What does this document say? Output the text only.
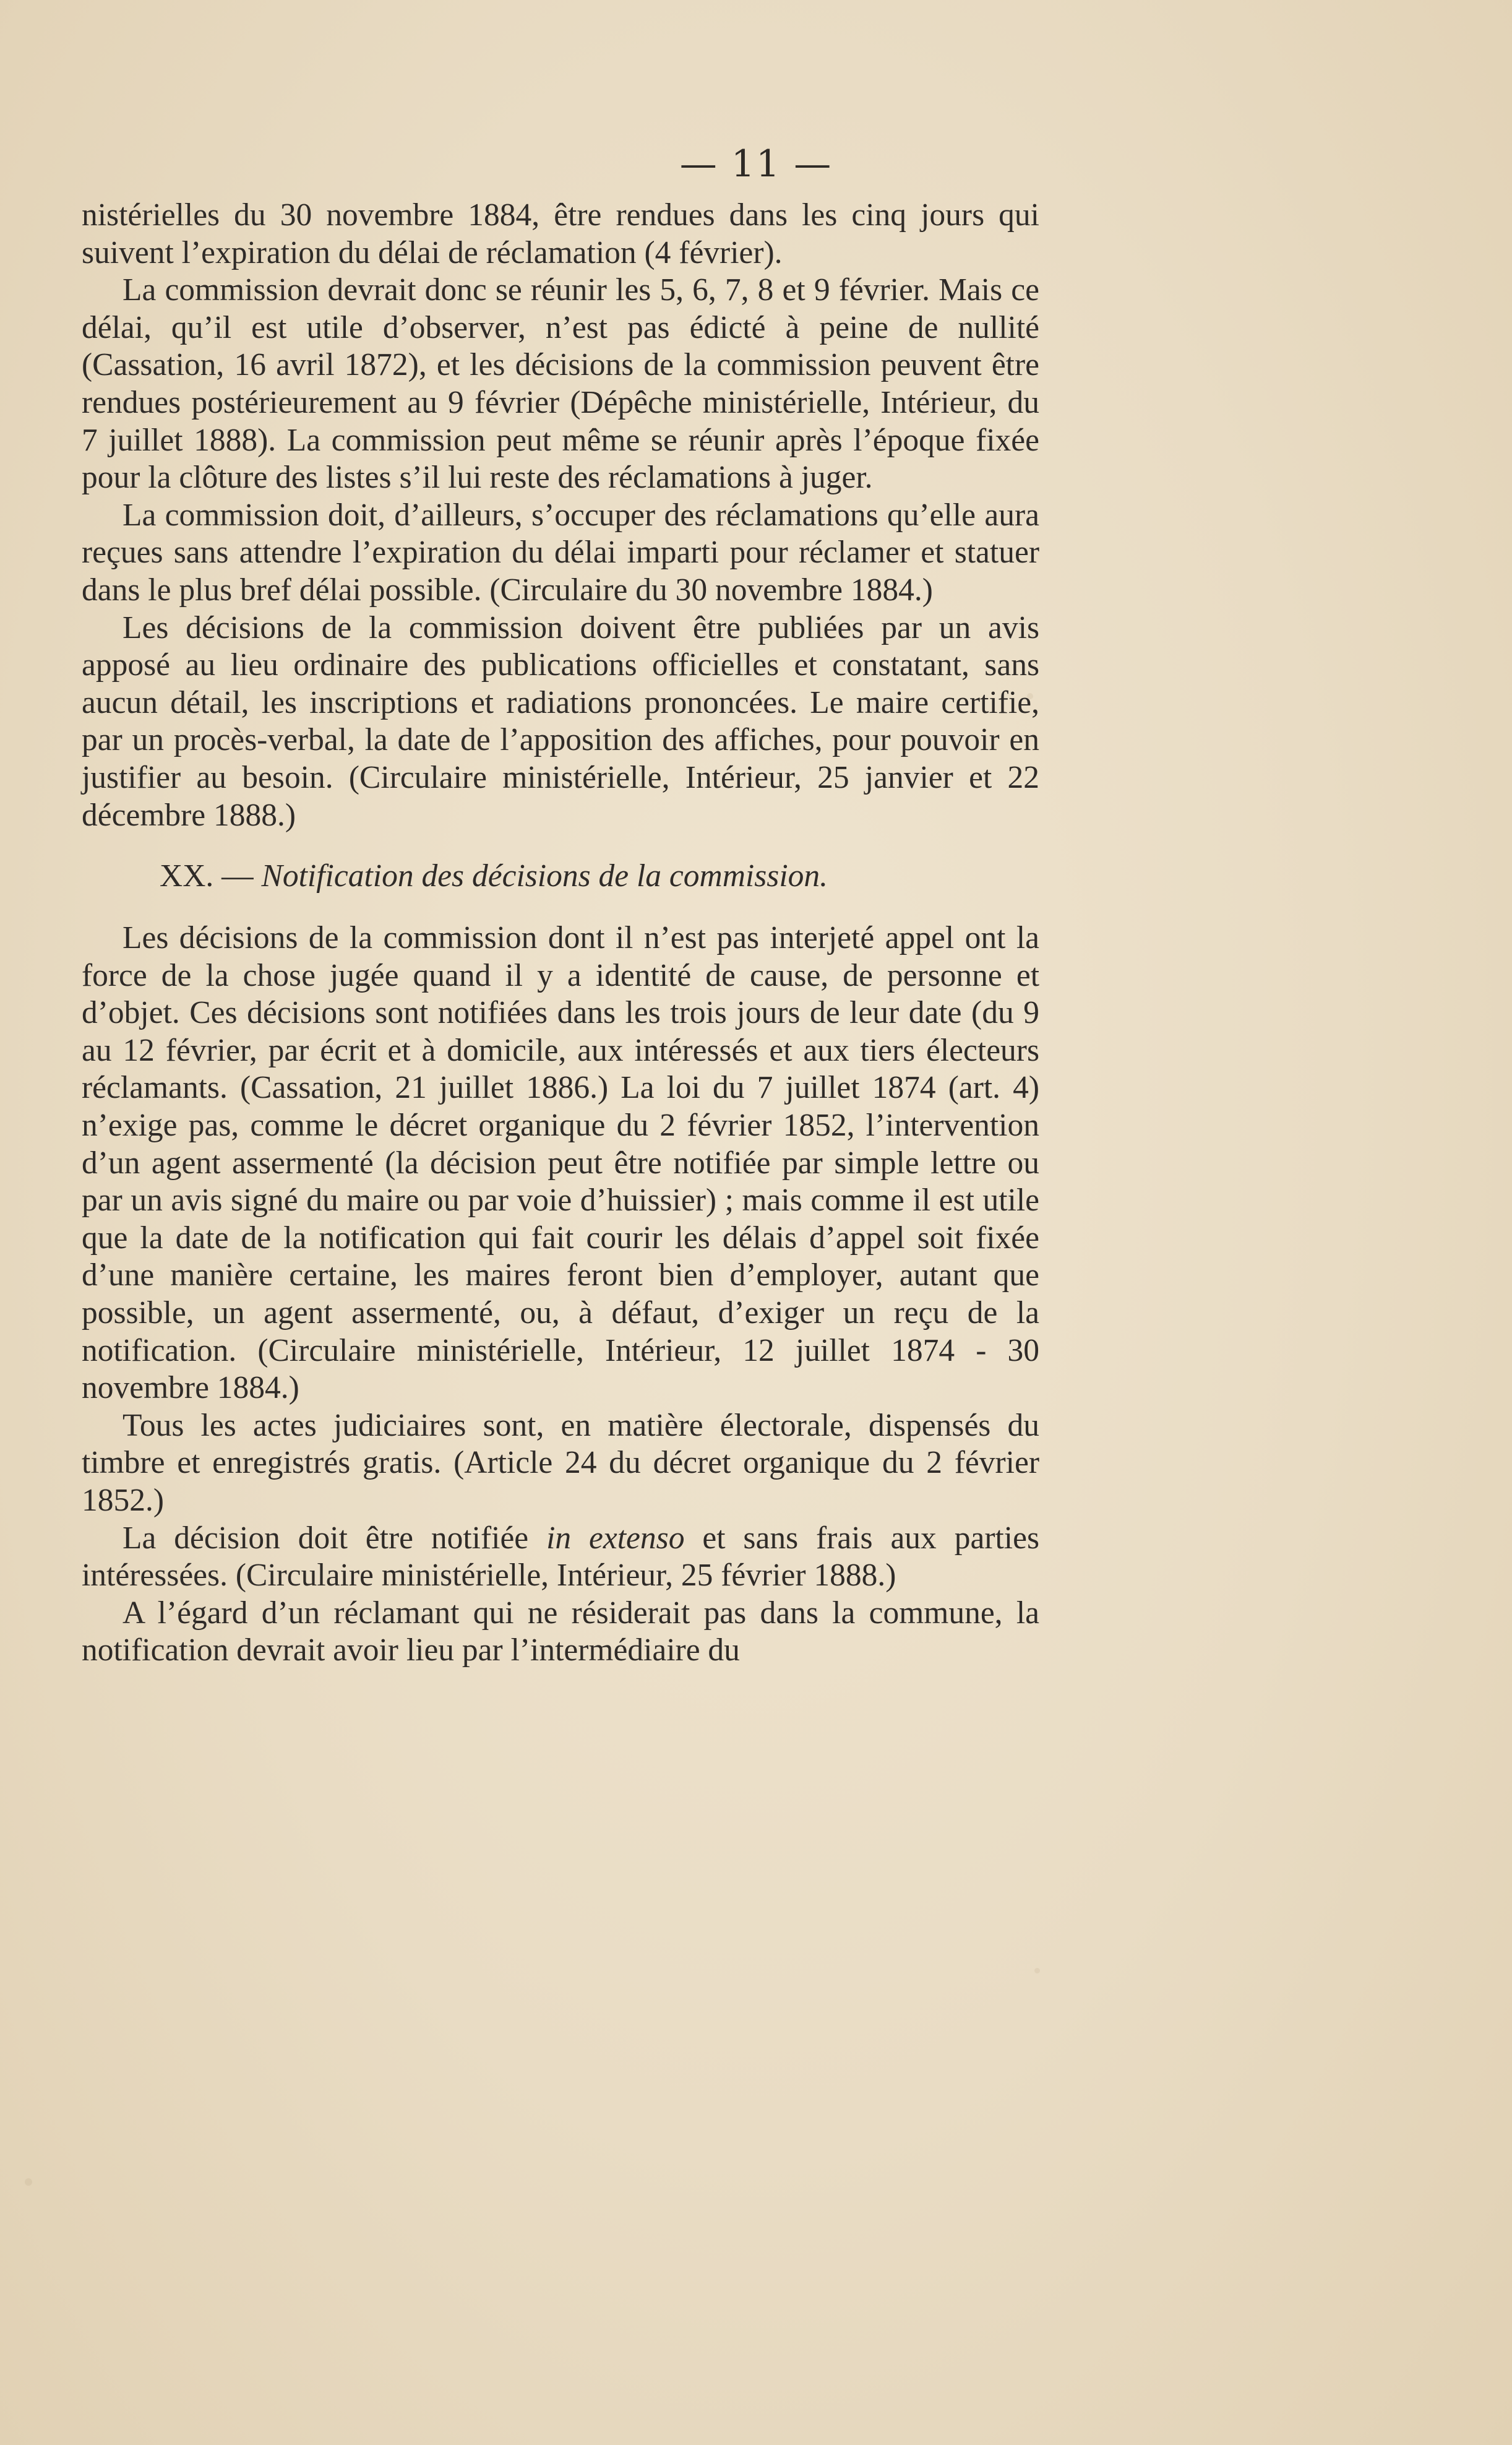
— 11 —

nistérielles du 30 novembre 1884, être rendues dans les cinq jours qui suivent l’expiration du délai de réclamation (4 février).

La commission devrait donc se réunir les 5, 6, 7, 8 et 9 février. Mais ce délai, qu’il est utile d’observer, n’est pas édicté à peine de nullité (Cassation, 16 avril 1872), et les décisions de la commission peuvent être rendues postérieurement au 9 février (Dépêche ministérielle, Intérieur, du 7 juillet 1888). La commission peut même se réunir après l’époque fixée pour la clôture des listes s’il lui reste des réclamations à juger.

La commission doit, d’ailleurs, s’occuper des réclamations qu’elle aura reçues sans attendre l’expiration du délai imparti pour réclamer et statuer dans le plus bref délai possible. (Circulaire du 30 novembre 1884.)

Les décisions de la commission doivent être publiées par un avis apposé au lieu ordinaire des publications officielles et constatant, sans aucun détail, les inscriptions et radiations prononcées. Le maire certifie, par un procès-verbal, la date de l’apposition des affiches, pour pouvoir en justifier au besoin. (Circulaire ministérielle, Intérieur, 25 janvier et 22 décembre 1888.)

XX. — Notification des décisions de la commission.

Les décisions de la commission dont il n’est pas interjeté appel ont la force de la chose jugée quand il y a identité de cause, de personne et d’objet. Ces décisions sont notifiées dans les trois jours de leur date (du 9 au 12 février, par écrit et à domicile, aux intéressés et aux tiers électeurs réclamants. (Cassation, 21 juillet 1886.) La loi du 7 juillet 1874 (art. 4) n’exige pas, comme le décret organique du 2 février 1852, l’intervention d’un agent assermenté (la décision peut être notifiée par simple lettre ou par un avis signé du maire ou par voie d’huissier) ; mais comme il est utile que la date de la notification qui fait courir les délais d’appel soit fixée d’une manière certaine, les maires feront bien d’employer, autant que possible, un agent assermenté, ou, à défaut, d’exiger un reçu de la notification. (Circulaire ministérielle, Intérieur, 12 juillet 1874 - 30 novembre 1884.)

Tous les actes judiciaires sont, en matière électorale, dispensés du timbre et enregistrés gratis. (Article 24 du décret organique du 2 février 1852.)

La décision doit être notifiée in extenso et sans frais aux parties intéressées. (Circulaire ministérielle, Intérieur, 25 février 1888.)

A l’égard d’un réclamant qui ne résiderait pas dans la commune, la notification devrait avoir lieu par l’intermédiaire du
